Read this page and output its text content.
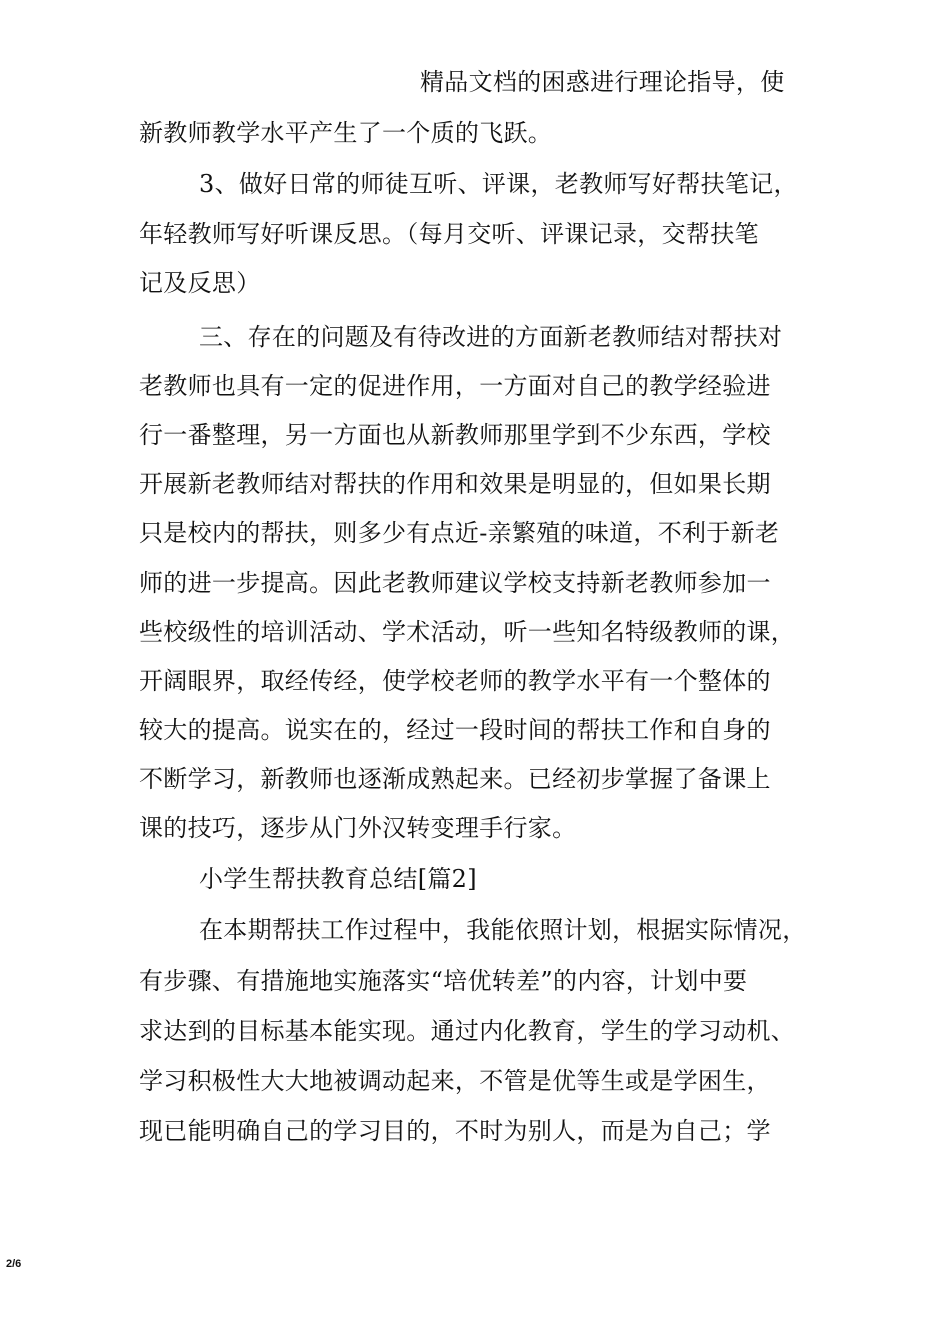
精品文档的困惑进行理论指导，使
新教师教学水平产生了一个质的飞跃。
3、做好日常的师徒互听、评课，老教师写好帮扶笔记，
年轻教师写好听课反思。（每月交听、评课记录，交帮扶笔
记及反思）
三、存在的问题及有待改进的方面新老教师结对帮扶对
老教师也具有一定的促进作用，一方面对自己的教学经验进
行一番整理，另一方面也从新教师那里学到不少东西，学校
开展新老教师结对帮扶的作用和效果是明显的，但如果长期
只是校内的帮扶，则多少有点近-亲繁殖的味道，不利于新老
师的进一步提高。因此老教师建议学校支持新老教师参加一
些校级性的培训活动、学术活动，听一些知名特级教师的课，
开阔眼界，取经传经，使学校老师的教学水平有一个整体的
较大的提高。说实在的，经过一段时间的帮扶工作和自身的
不断学习，新教师也逐渐成熟起来。已经初步掌握了备课上
课的技巧，逐步从门外汉转变理手行家。
小学生帮扶教育总结[篇2]
在本期帮扶工作过程中，我能依照计划，根据实际情况，
有步骤、有措施地实施落实“培优转差”的内容，计划中要
求达到的目标基本能实现。通过内化教育，学生的学习动机、
学习积极性大大地被调动起来，不管是优等生或是学困生，
现已能明确自己的学习目的，不时为别人，而是为自己；学
2/6
